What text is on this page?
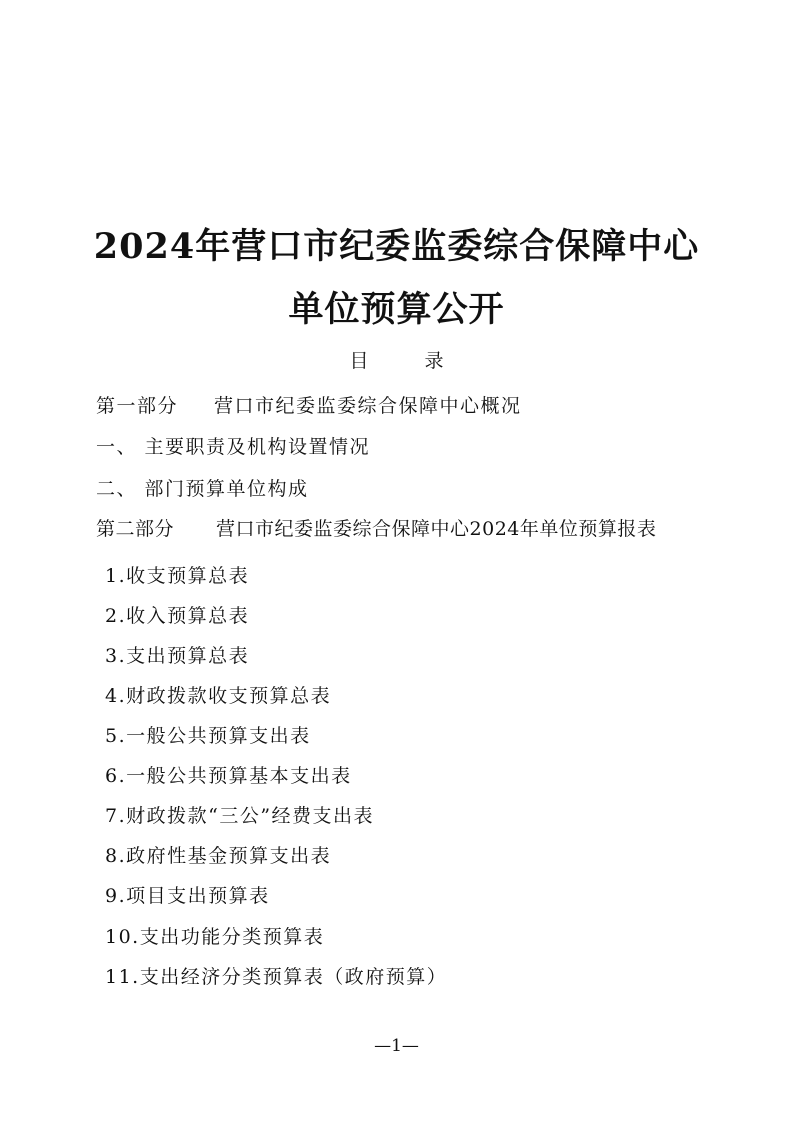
2024年营口市纪委监委综合保障中心
单位预算公开
目	录
第一部分 营口市纪委监委综合保障中心概况
一、 主要职责及机构设置情况
二、 部门预算单位构成
第二部分 营口市纪委监委综合保障中心2024年单位预算报表
1.收支预算总表
2.收入预算总表
3.支出预算总表
4.财政拨款收支预算总表
5.一般公共预算支出表
6.一般公共预算基本支出表
7.财政拨款“三公”经费支出表
8.政府性基金预算支出表
9.项目支出预算表
10.支出功能分类预算表
11.支出经济分类预算表（政府预算）
—1—
